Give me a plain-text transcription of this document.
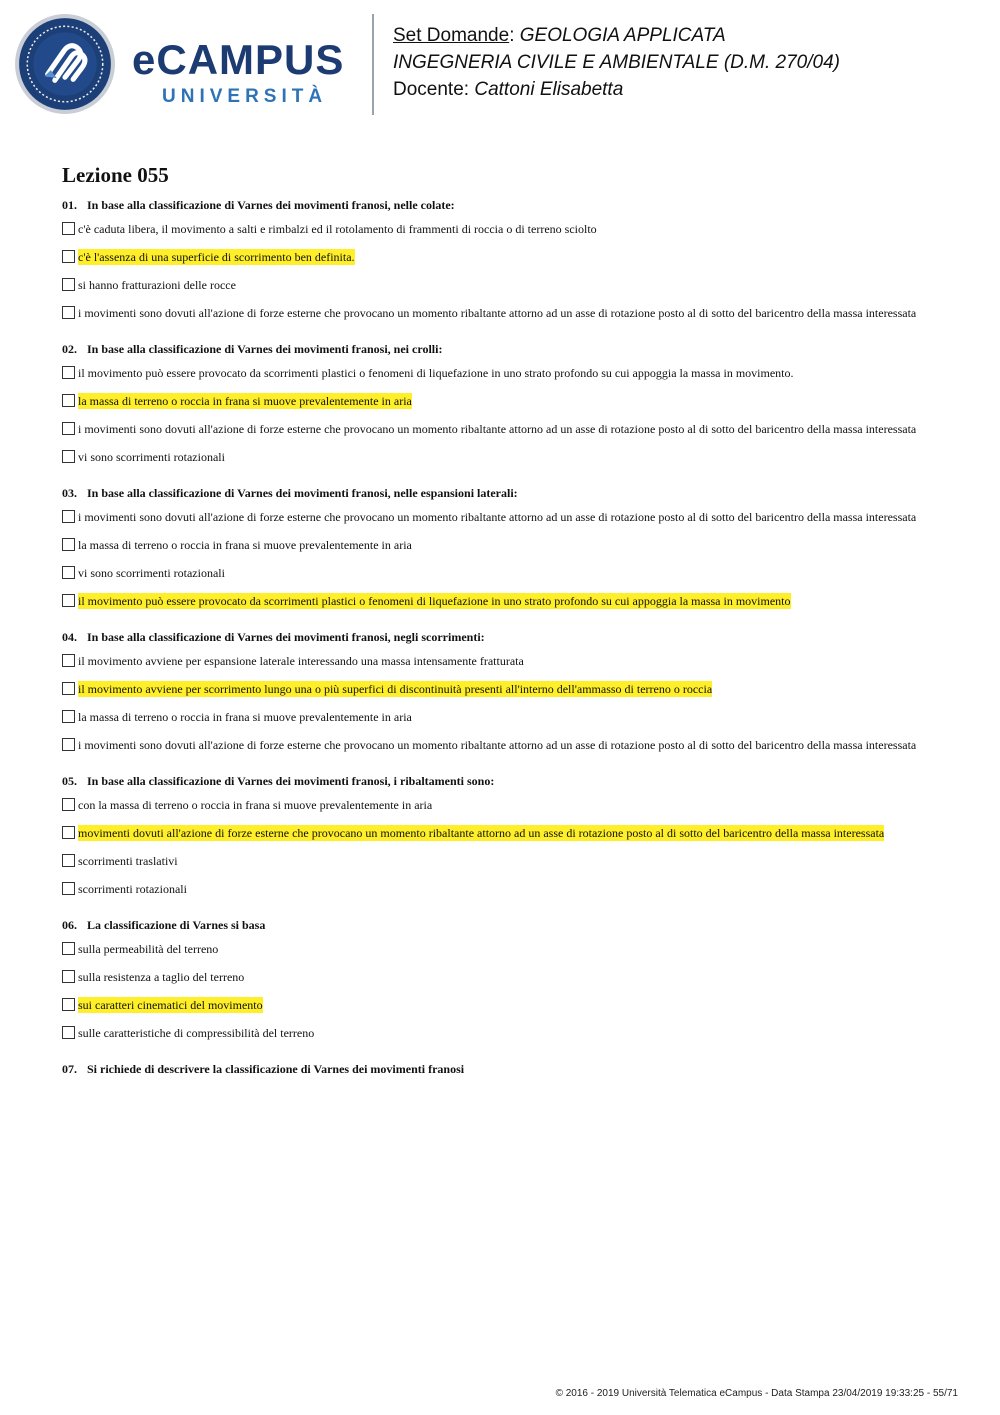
eCAMPUS
UNIVERSITÀ
Set Domande: GEOLOGIA APPLICATA
INGEGNERIA CIVILE E AMBIENTALE (D.M. 270/04)
Docente: Cattoni Elisabetta
Lezione 055
01. In base alla classificazione di Varnes dei movimenti franosi, nelle colate:
c'è caduta libera, il movimento a salti e rimbalzi ed il rotolamento di frammenti di roccia o di terreno sciolto
c'è l'assenza di una superficie di scorrimento ben definita.
si hanno fratturazioni delle rocce
i movimenti sono dovuti all'azione di forze esterne che provocano un momento ribaltante attorno ad un asse di rotazione posto al di sotto del baricentro della massa interessata
02. In base alla classificazione di Varnes dei movimenti franosi, nei crolli:
il movimento può essere provocato da scorrimenti plastici o fenomeni di liquefazione in uno strato profondo su cui appoggia la massa in movimento.
la massa di terreno o roccia in frana si muove prevalentemente in aria
i movimenti sono dovuti all'azione di forze esterne che provocano un momento ribaltante attorno ad un asse di rotazione posto al di sotto del baricentro della massa interessata
vi sono scorrimenti rotazionali
03. In base alla classificazione di Varnes dei movimenti franosi, nelle espansioni laterali:
i movimenti sono dovuti all'azione di forze esterne che provocano un momento ribaltante attorno ad un asse di rotazione posto al di sotto del baricentro della massa interessata
la massa di terreno o roccia in frana si muove prevalentemente in aria
vi sono scorrimenti rotazionali
il movimento può essere provocato da scorrimenti plastici o fenomeni di liquefazione in uno strato profondo su cui appoggia la massa in movimento
04. In base alla classificazione di Varnes dei movimenti franosi, negli scorrimenti:
il movimento avviene per espansione laterale interessando una massa intensamente fratturata
il movimento avviene per scorrimento lungo una o più superfici di discontinuità presenti all'interno dell'ammasso di terreno o roccia
la massa di terreno o roccia in frana si muove prevalentemente in aria
i movimenti sono dovuti all'azione di forze esterne che provocano un momento ribaltante attorno ad un asse di rotazione posto al di sotto del baricentro della massa interessata
05. In base alla classificazione di Varnes dei movimenti franosi, i ribaltamenti sono:
con la massa di terreno o roccia in frana si muove prevalentemente in aria
movimenti dovuti all'azione di forze esterne che provocano un momento ribaltante attorno ad un asse di rotazione posto al di sotto del baricentro della massa interessata
scorrimenti traslativi
scorrimenti rotazionali
06. La classificazione di Varnes si basa
sulla permeabilità del terreno
sulla resistenza a taglio del terreno
sui caratteri cinematici del movimento
sulle caratteristiche di compressibilità del terreno
07. Si richiede di descrivere la classificazione di Varnes dei movimenti franosi
© 2016 - 2019 Università Telematica eCampus - Data Stampa 23/04/2019 19:33:25 - 55/71
